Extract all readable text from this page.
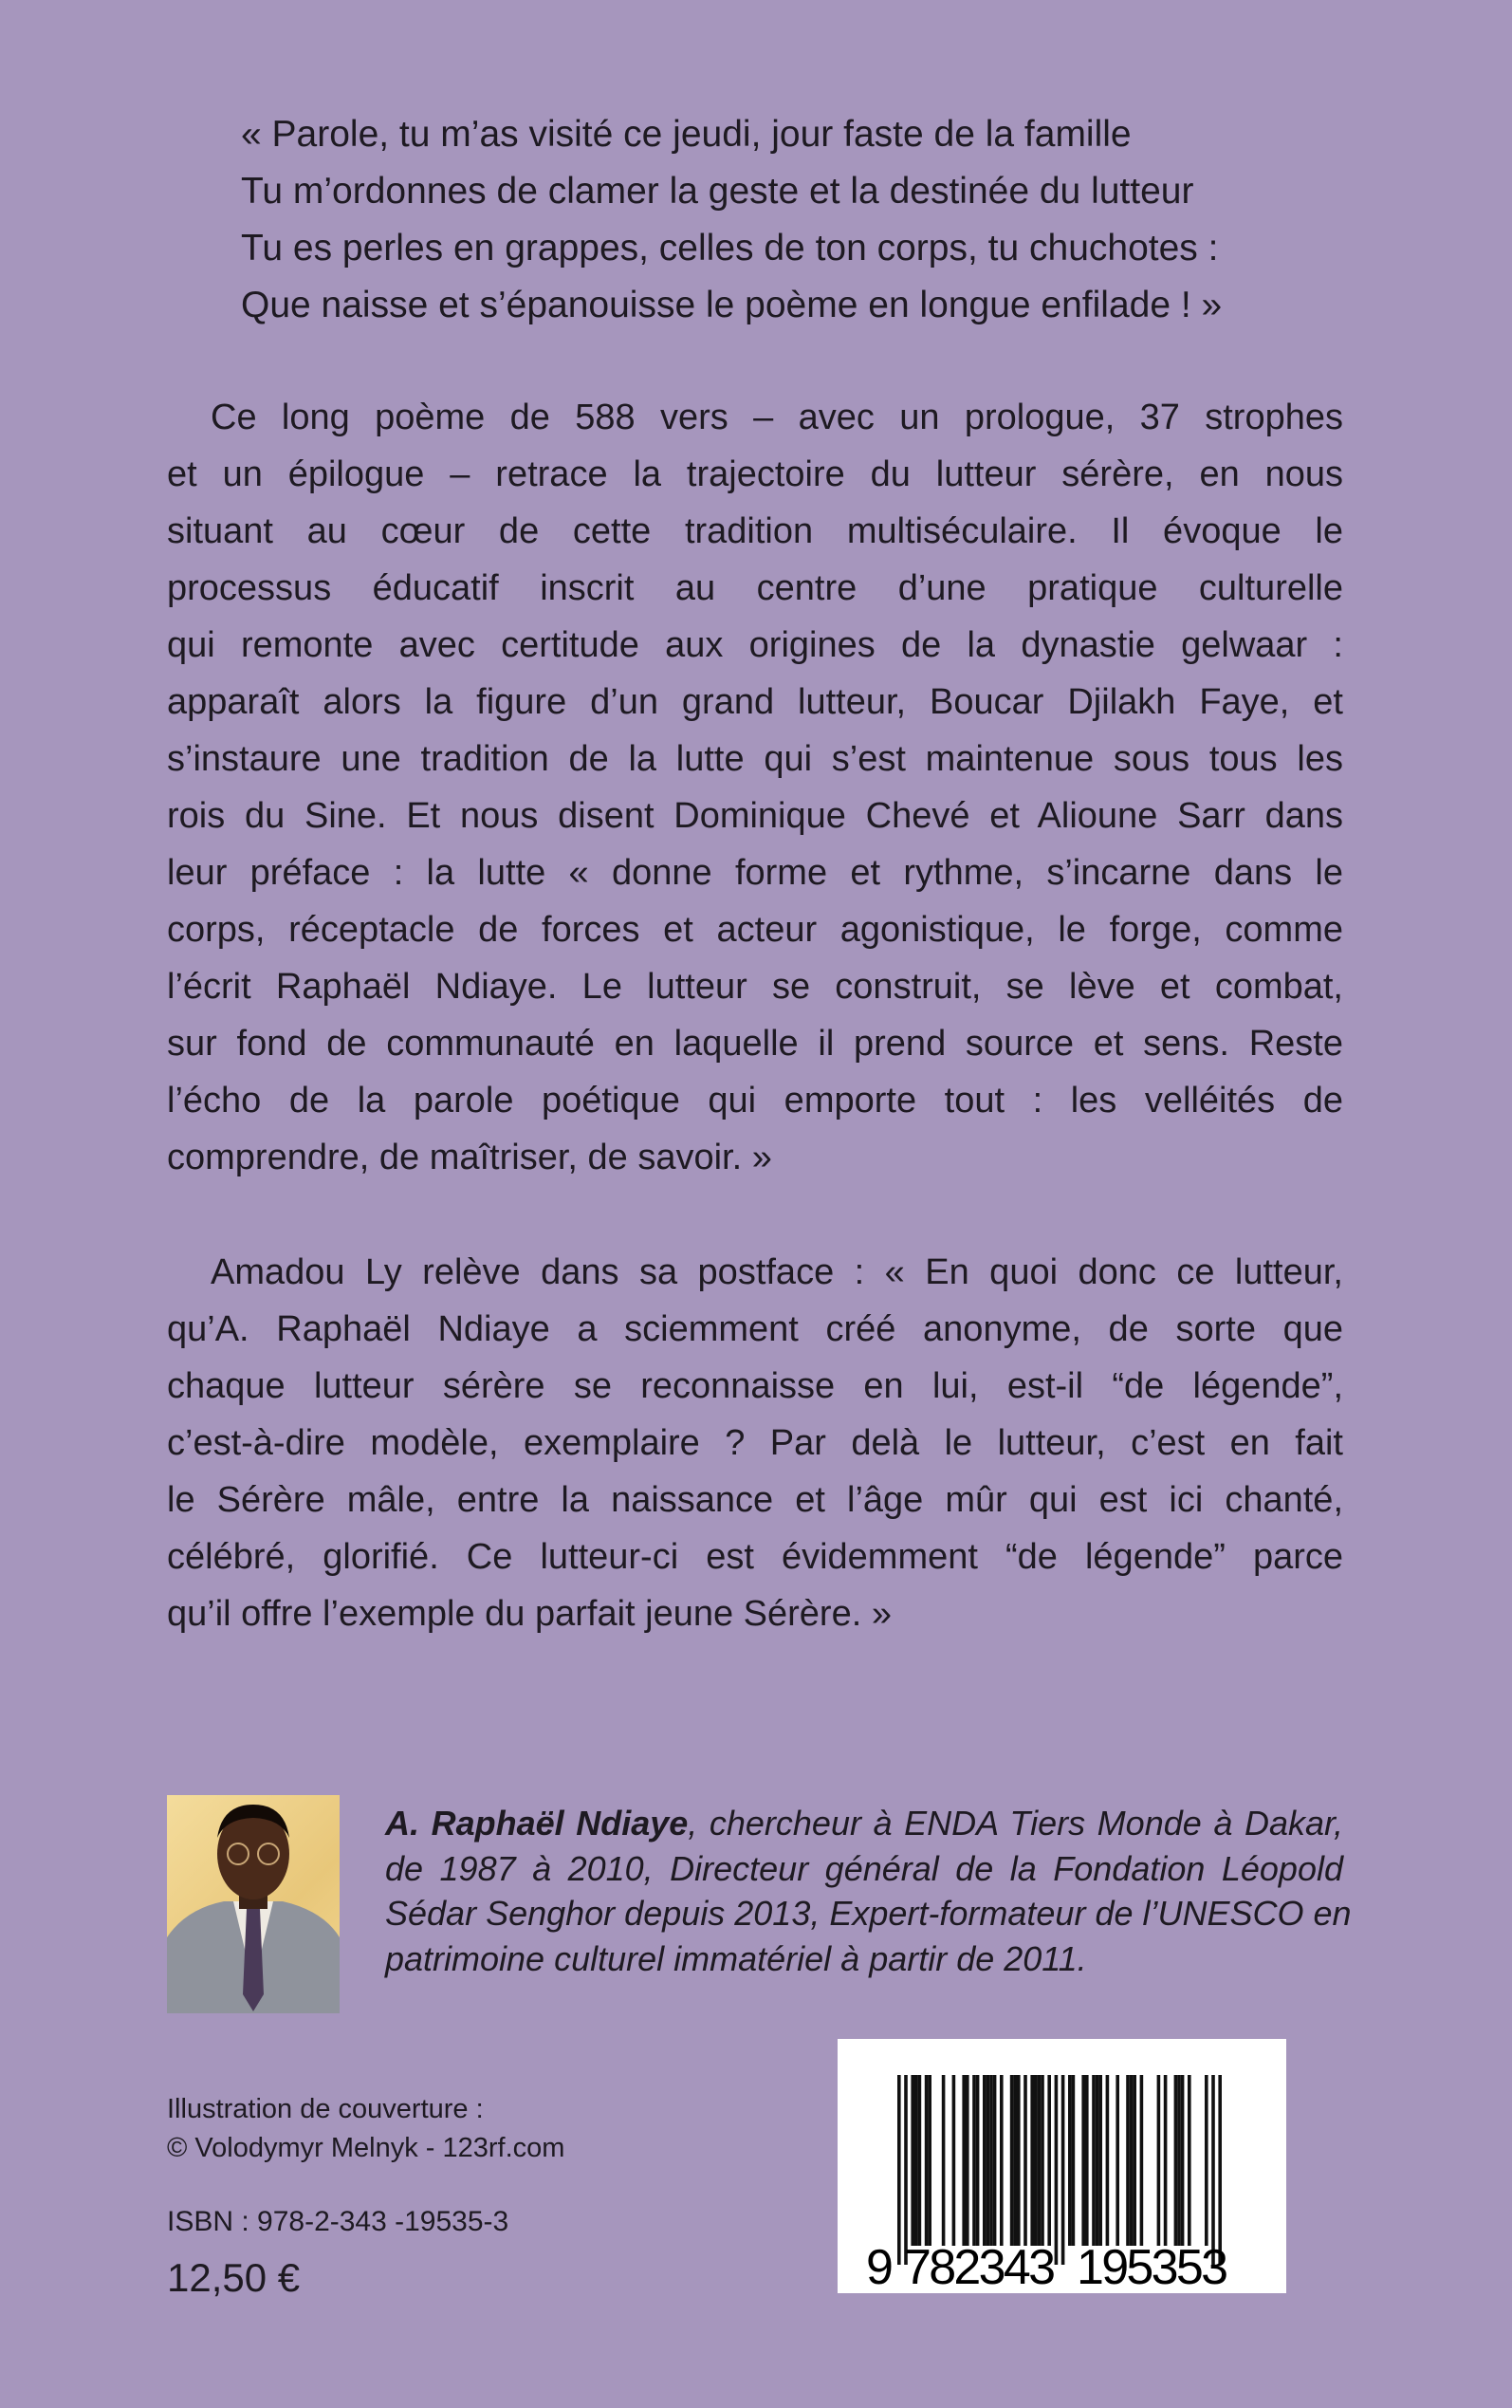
« Parole, tu m’as visité ce jeudi, jour faste de la famille
Tu m’ordonnes de clamer la geste et la destinée du lutteur
Tu es perles en grappes, celles de ton corps, tu chuchotes :
Que naisse et s’épanouisse le poème en longue enfilade ! »
Ce long poème de 588 vers – avec un prologue, 37 strophes
et un épilogue – retrace la trajectoire du lutteur sérère, en nous
situant au cœur de cette tradition multiséculaire. Il évoque le
processus éducatif inscrit au centre d’une pratique culturelle
qui remonte avec certitude aux origines de la dynastie gelwaar :
apparaît alors la figure d’un grand lutteur, Boucar Djilakh Faye, et
s’instaure une tradition de la lutte qui s’est maintenue sous tous les
rois du Sine. Et nous disent Dominique Chevé et Alioune Sarr dans
leur préface : la lutte « donne forme et rythme, s’incarne dans le
corps, réceptacle de forces et acteur agonistique, le forge, comme
l’écrit Raphaël Ndiaye. Le lutteur se construit, se lève et combat,
sur fond de communauté en laquelle il prend source et sens. Reste
l’écho de la parole poétique qui emporte tout : les velléités de
comprendre, de maîtriser, de savoir. »
Amadou Ly relève dans sa postface : « En quoi donc ce lutteur,
qu’A. Raphaël Ndiaye a sciemment créé anonyme, de sorte que
chaque lutteur sérère se reconnaisse en lui, est-il “de légende”,
c’est-à-dire modèle, exemplaire ? Par delà le lutteur, c’est en fait
le Sérère mâle, entre la naissance et l’âge mûr qui est ici chanté,
célébré, glorifié. Ce lutteur-ci est évidemment “de légende” parce
qu’il offre l’exemple du parfait jeune Sérère. »
A. Raphaël Ndiaye, chercheur à ENDA Tiers Monde à Dakar,
de 1987 à 2010, Directeur général de la Fondation Léopold
Sédar Senghor depuis 2013, Expert-formateur de l’UNESCO en
patrimoine culturel immatériel à partir de 2011.
Illustration de couverture :
© Volodymyr Melnyk - 123rf.com
ISBN : 978-2-343 -19535-3
12,50 €	9 782343 195353
